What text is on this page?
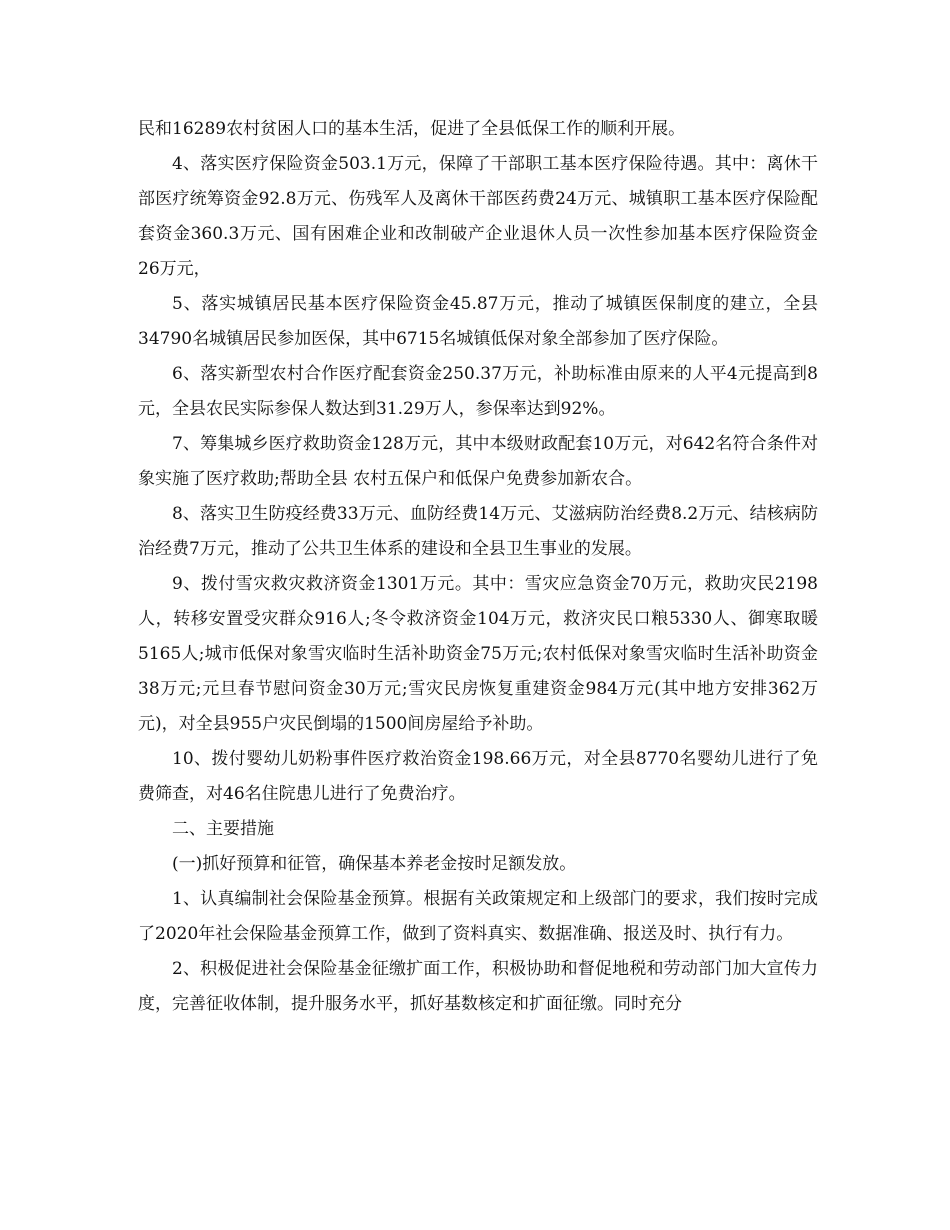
民和16289农村贫困人口的基本生活，促进了全县低保工作的顺利开展。

4、落实医疗保险资金503.1万元，保障了干部职工基本医疗保险待遇。其中：离休干部医疗统筹资金92.8万元、伤残军人及离休干部医药费24万元、城镇职工基本医疗保险配套资金360.3万元、国有困难企业和改制破产企业退休人员一次性参加基本医疗保险资金26万元，

5、落实城镇居民基本医疗保险资金45.87万元，推动了城镇医保制度的建立，全县34790名城镇居民参加医保，其中6715名城镇低保对象全部参加了医疗保险。

6、落实新型农村合作医疗配套资金250.37万元，补助标准由原来的人平4元提高到8元，全县农民实际参保人数达到31.29万人，参保率达到92%。

7、筹集城乡医疗救助资金128万元，其中本级财政配套10万元，对642名符合条件对象实施了医疗救助;帮助全县 农村五保户和低保户免费参加新农合。

8、落实卫生防疫经费33万元、血防经费14万元、艾滋病防治经费8.2万元、结核病防治经费7万元，推动了公共卫生体系的建设和全县卫生事业的发展。

9、拨付雪灾救灾救济资金1301万元。其中：雪灾应急资金70万元，救助灾民2198人，转移安置受灾群众916人;冬令救济资金104万元，救济灾民口粮5330人、御寒取暖5165人;城市低保对象雪灾临时生活补助资金75万元;农村低保对象雪灾临时生活补助资金38万元;元旦春节慰问资金30万元;雪灾民房恢复重建资金984万元(其中地方安排362万元)，对全县955户灾民倒塌的1500间房屋给予补助。

10、拨付婴幼儿奶粉事件医疗救治资金198.66万元，对全县8770名婴幼儿进行了免费筛查，对46名住院患儿进行了免费治疗。

二、主要措施

(一)抓好预算和征管，确保基本养老金按时足额发放。

1、认真编制社会保险基金预算。根据有关政策规定和上级部门的要求，我们按时完成了2020年社会保险基金预算工作，做到了资料真实、数据准确、报送及时、执行有力。

2、积极促进社会保险基金征缴扩面工作，积极协助和督促地税和劳动部门加大宣传力度，完善征收体制，提升服务水平，抓好基数核定和扩面征缴。同时充分
